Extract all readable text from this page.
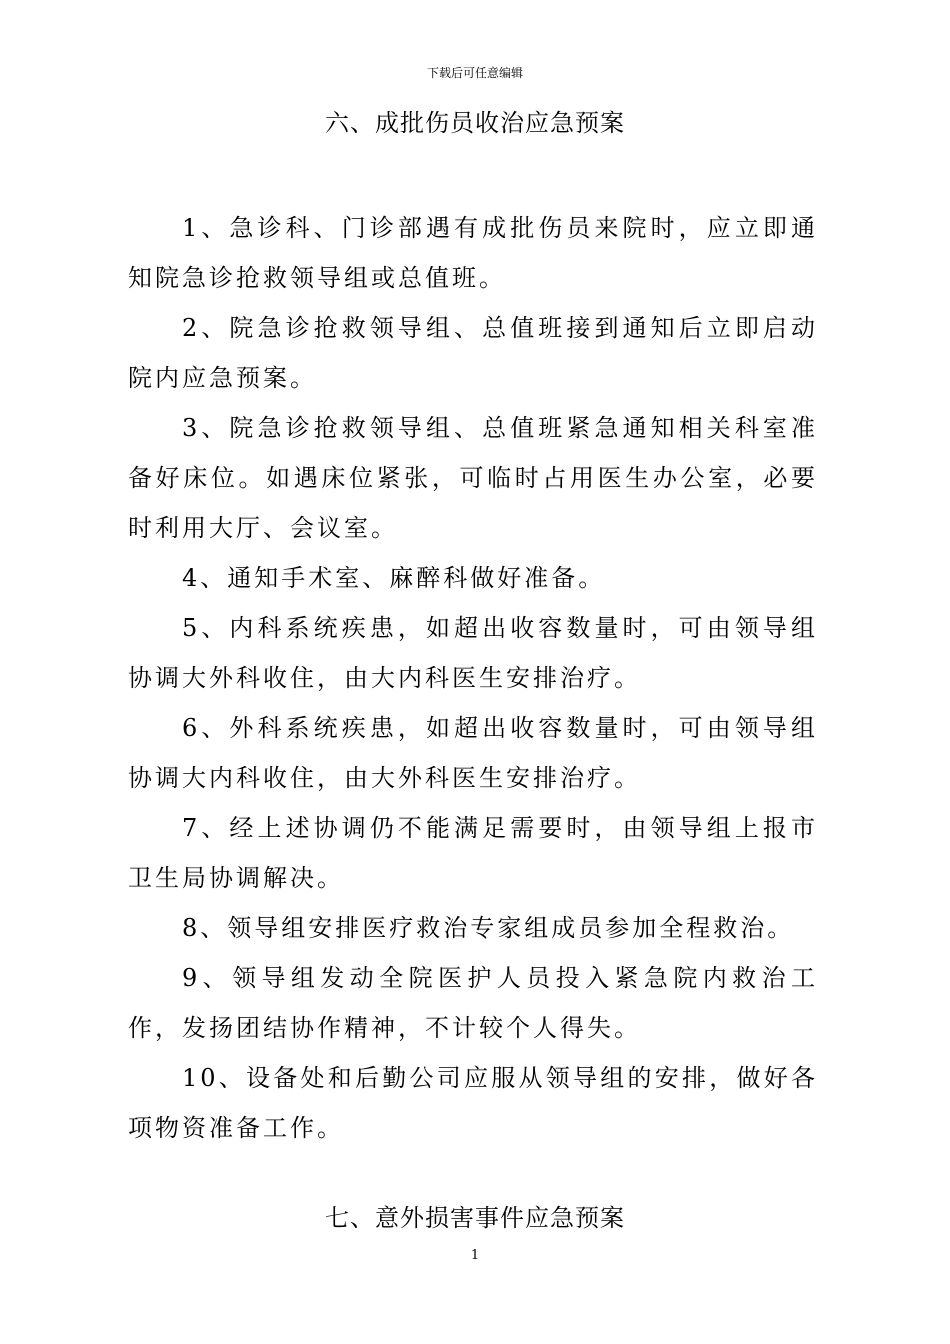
下载后可任意编辑
六、成批伤员收治应急预案

1、急诊科、门诊部遇有成批伤员来院时，应立即通知院急诊抢救领导组或总值班。

2、院急诊抢救领导组、总值班接到通知后立即启动院内应急预案。

3、院急诊抢救领导组、总值班紧急通知相关科室准备好床位。如遇床位紧张，可临时占用医生办公室，必要时利用大厅、会议室。

4、通知手术室、麻醉科做好准备。

5、内科系统疾患，如超出收容数量时，可由领导组协调大外科收住，由大内科医生安排治疗。

6、外科系统疾患，如超出收容数量时，可由领导组协调大内科收住，由大外科医生安排治疗。

7、经上述协调仍不能满足需要时，由领导组上报市卫生局协调解决。

8、领导组安排医疗救治专家组成员参加全程救治。

9、领导组发动全院医护人员投入紧急院内救治工作，发扬团结协作精神，不计较个人得失。

10、设备处和后勤公司应服从领导组的安排，做好各项物资准备工作。

七、意外损害事件应急预案
1
